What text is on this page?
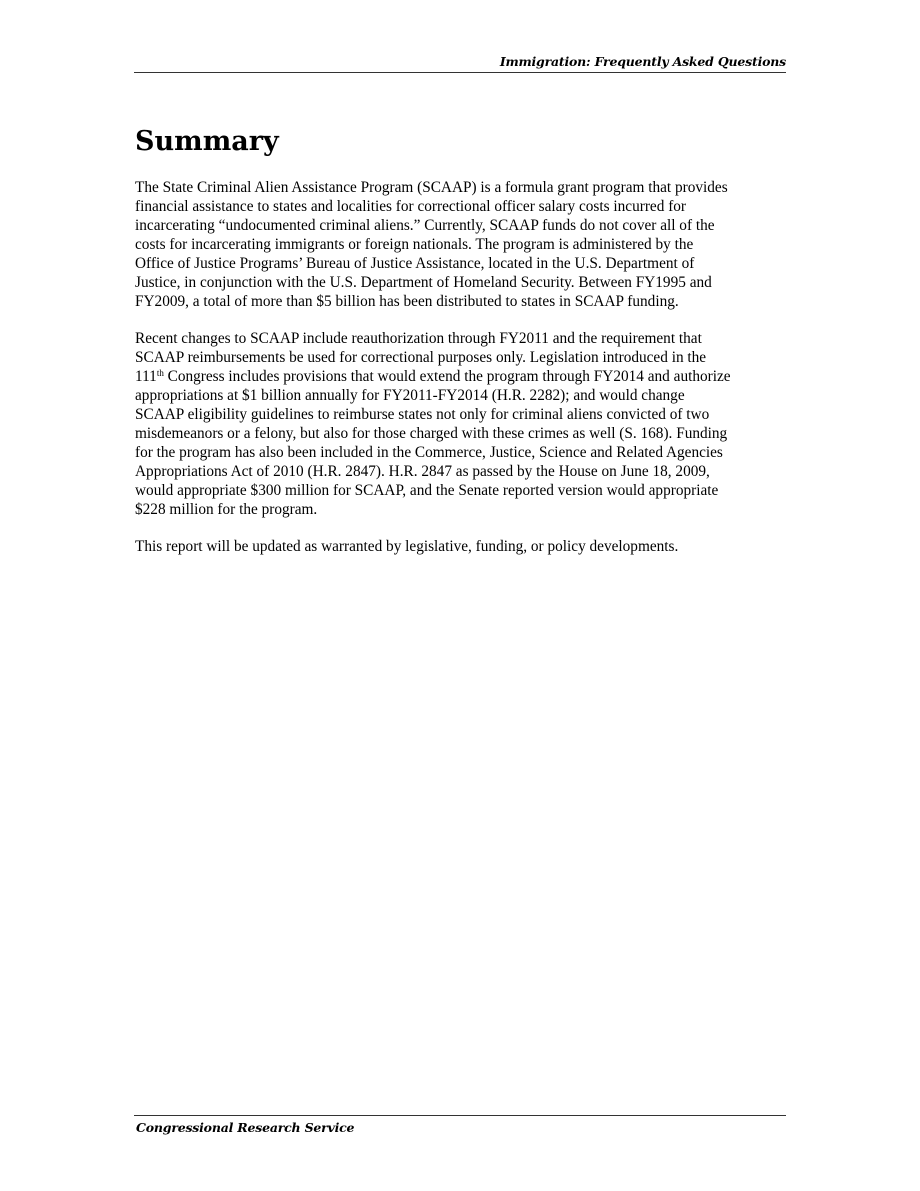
Immigration: Frequently Asked Questions
Summary

The State Criminal Alien Assistance Program (SCAAP) is a formula grant program that provides
financial assistance to states and localities for correctional officer salary costs incurred for
incarcerating “undocumented criminal aliens.” Currently, SCAAP funds do not cover all of the
costs for incarcerating immigrants or foreign nationals. The program is administered by the
Office of Justice Programs’ Bureau of Justice Assistance, located in the U.S. Department of
Justice, in conjunction with the U.S. Department of Homeland Security. Between FY1995 and
FY2009, a total of more than $5 billion has been distributed to states in SCAAP funding.

Recent changes to SCAAP include reauthorization through FY2011 and the requirement that
SCAAP reimbursements be used for correctional purposes only. Legislation introduced in the
111th Congress includes provisions that would extend the program through FY2014 and authorize
appropriations at $1 billion annually for FY2011-FY2014 (H.R. 2282); and would change
SCAAP eligibility guidelines to reimburse states not only for criminal aliens convicted of two
misdemeanors or a felony, but also for those charged with these crimes as well (S. 168). Funding
for the program has also been included in the Commerce, Justice, Science and Related Agencies
Appropriations Act of 2010 (H.R. 2847). H.R. 2847 as passed by the House on June 18, 2009,
would appropriate $300 million for SCAAP, and the Senate reported version would appropriate
$228 million for the program.

This report will be updated as warranted by legislative, funding, or policy developments.

Congressional Research Service
